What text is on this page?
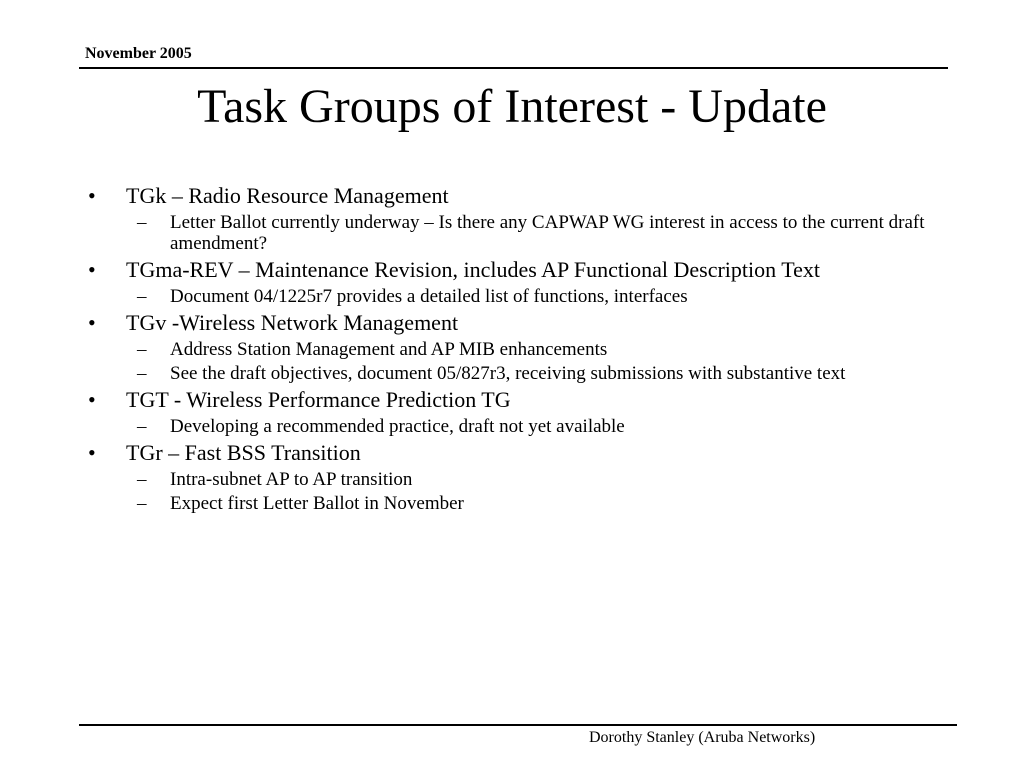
November 2005
Task Groups of Interest - Update
• TGk – Radio Resource Management
– Letter Ballot currently underway – Is there any CAPWAP WG interest in access to the current draft amendment?
• TGma-REV – Maintenance Revision, includes AP Functional Description Text
– Document 04/1225r7 provides a detailed list of functions, interfaces
• TGv -Wireless Network Management
– Address Station Management and AP MIB enhancements
– See the draft objectives, document 05/827r3, receiving submissions with substantive text
• TGT - Wireless Performance Prediction TG
– Developing a recommended practice, draft not yet available
• TGr – Fast BSS Transition
– Intra-subnet AP to AP transition
– Expect first Letter Ballot in November
Dorothy Stanley (Aruba Networks)
